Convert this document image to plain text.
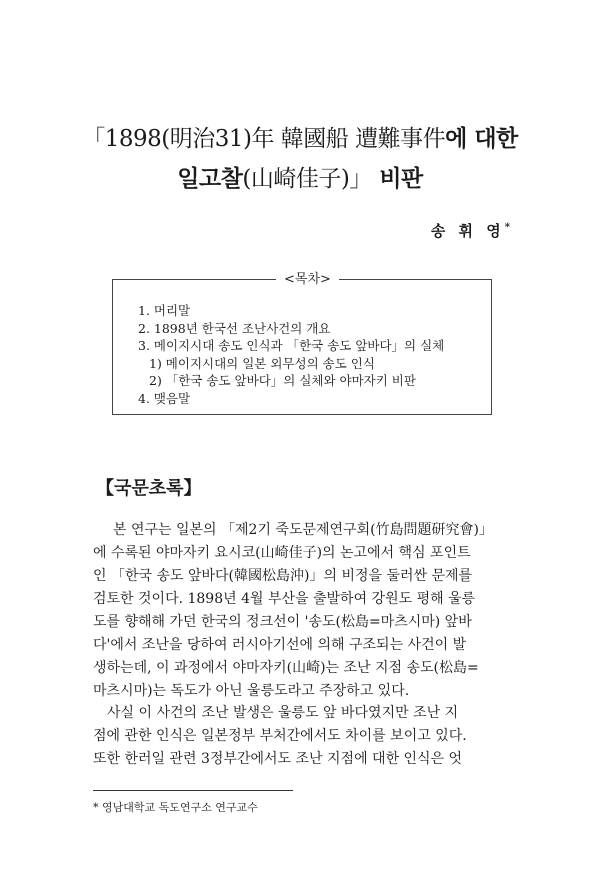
「1898(明治31)年 韓國船 遭難事件에 대한
일고찰(山崎佳子)」 비판
송 휘 영*
<목차>
1. 머리말
2. 1898년 한국선 조난사건의 개요
3. 메이지시대 송도 인식과 「한국 송도 앞바다」의 실체
1) 메이지시대의 일본 외무성의 송도 인식
2) 「한국 송도 앞바다」의 실체와 야마자키 비판
4. 맺음말
【국문초록】
본 연구는 일본의 「제2기 죽도문제연구회(竹島問題研究會)」
에 수록된 야마자키 요시코(山崎佳子)의 논고에서 핵심 포인트
인 「한국 송도 앞바다(韓國松島沖)」의 비정을 둘러싼 문제를
검토한 것이다. 1898년 4월 부산을 출발하여 강원도 평해 울릉
도를 향해해 가던 한국의 정크선이 '송도(松島=마츠시마) 앞바
다'에서 조난을 당하여 러시아기선에 의해 구조되는 사건이 발
생하는데, 이 과정에서 야마자키(山崎)는 조난 지점 송도(松島=
마츠시마)는 독도가 아닌 울릉도라고 주장하고 있다.
사실 이 사건의 조난 발생은 울릉도 앞 바다였지만 조난 지
점에 관한 인식은 일본정부 부처간에서도 차이를 보이고 있다.
또한 한러일 관련 3정부간에서도 조난 지점에 대한 인식은 엇
* 영남대학교 독도연구소 연구교수
